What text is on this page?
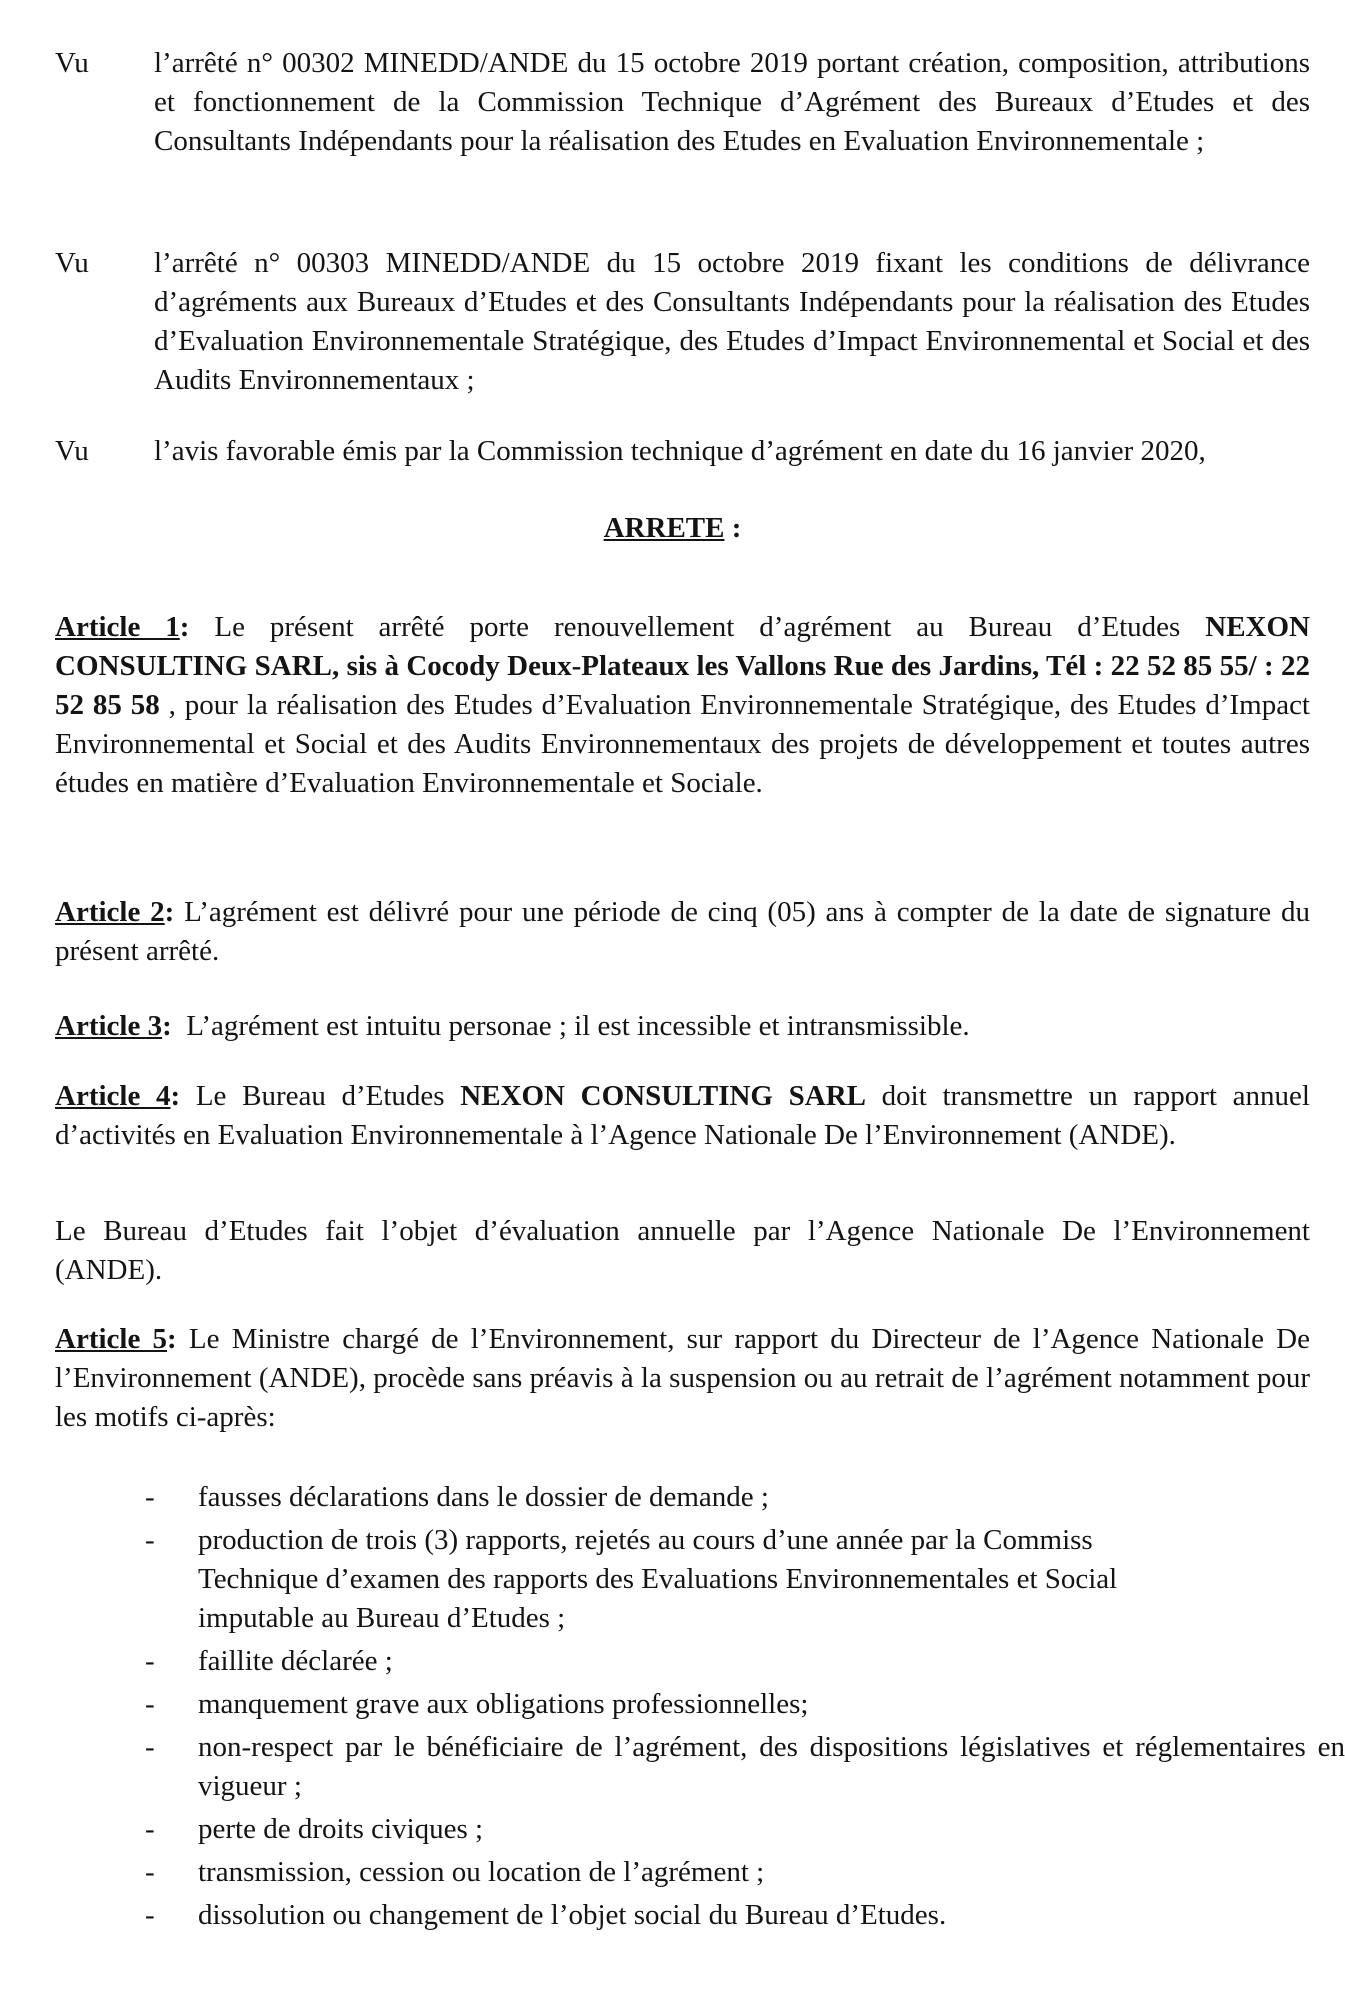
Vu	l’arrêté n° 00302 MINEDD/ANDE du 15 octobre 2019 portant création, composition, attributions et fonctionnement de la Commission Technique d’Agrément des Bureaux d’Etudes et des Consultants Indépendants pour la réalisation des Etudes en Evaluation Environnementale ;
Vu	l’arrêté n° 00303 MINEDD/ANDE du 15 octobre 2019 fixant les conditions de délivrance d’agréments aux Bureaux d’Etudes et des Consultants Indépendants pour la réalisation des Etudes d’Evaluation Environnementale Stratégique, des Etudes d’Impact Environnemental et Social et des Audits Environnementaux ;
Vu	l’avis favorable émis par la Commission technique d’agrément en date du 16 janvier 2020,
ARRETE :
Article 1: Le présent arrêté porte renouvellement d’agrément au Bureau d’Etudes NEXON CONSULTING SARL, sis à Cocody Deux-Plateaux les Vallons Rue des Jardins, Tél : 22 52 85 55/ : 22 52 85 58 , pour la réalisation des Etudes d’Evaluation Environnementale Stratégique, des Etudes d’Impact Environnemental et Social et des Audits Environnementaux des projets de développement et toutes autres études en matière d’Evaluation Environnementale et Sociale.
Article 2: L’agrément est délivré pour une période de cinq (05) ans à compter de la date de signature du présent arrêté.
Article 3:  L’agrément est intuitu personae ; il est incessible et intransmissible.
Article 4: Le Bureau d’Etudes NEXON CONSULTING SARL doit transmettre un rapport annuel d’activités en Evaluation Environnementale à l’Agence Nationale De l’Environnement (ANDE).
Le Bureau d’Etudes fait l’objet d’évaluation annuelle par l’Agence Nationale De l’Environnement (ANDE).
Article 5: Le Ministre chargé de l’Environnement, sur rapport du Directeur de l’Agence Nationale De l’Environnement (ANDE), procède sans préavis à la suspension ou au retrait de l’agrément notamment pour les motifs ci-après:
- fausses déclarations dans le dossier de demande ;
- production de trois (3) rapports, rejetés au cours d’une année par la Commiss
Technique d’examen des rapports des Evaluations Environnementales et Social
imputable au Bureau d’Etudes ;
- faillite déclarée ;
- manquement grave aux obligations professionnelles;
- non-respect par le bénéficiaire de l’agrément, des dispositions législatives et réglementaires en vigueur ;
- perte de droits civiques ;
- transmission, cession ou location de l’agrément ;
- dissolution ou changement de l’objet social du Bureau d’Etudes.
